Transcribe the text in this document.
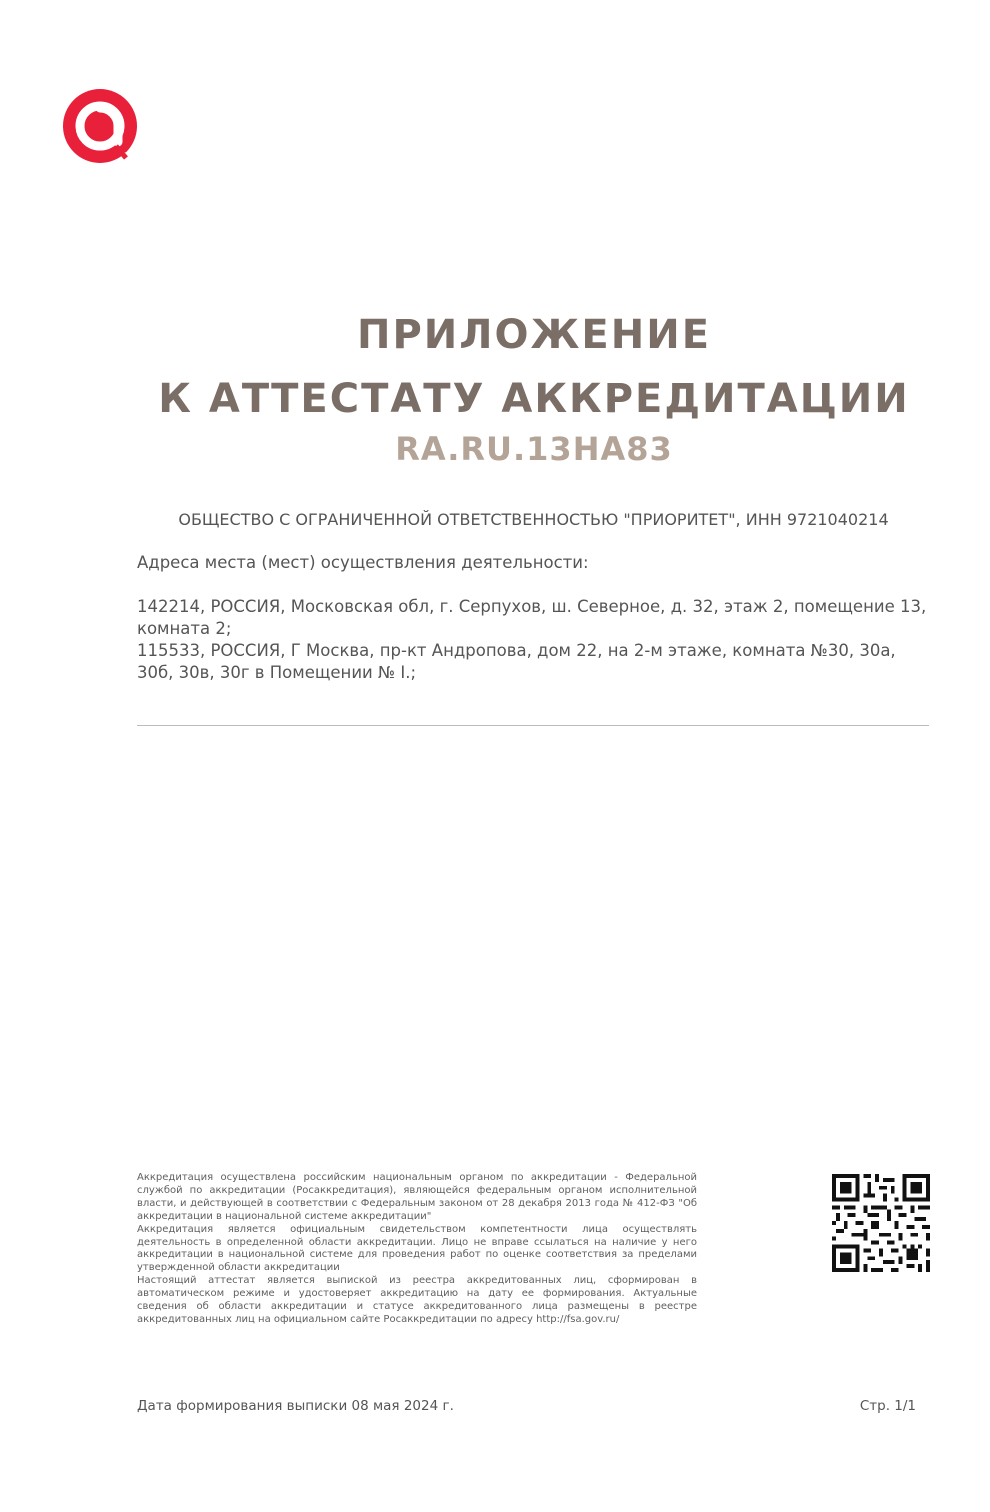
ПРИЛОЖЕНИЕ
К АТТЕСТАТУ АККРЕДИТАЦИИ
RA.RU.13НА83
ОБЩЕСТВО С ОГРАНИЧЕННОЙ ОТВЕТСТВЕННОСТЬЮ "ПРИОРИТЕТ", ИНН 9721040214
Адреса места (мест) осуществления деятельности:

142214, РОССИЯ, Московская обл, г. Серпухов, ш. Северное, д. 32, этаж 2, помещение 13, комната 2;

115533, РОССИЯ, Г Москва, пр-кт Андропова, дом 22, на 2-м этаже, комната №30, 30а, 30б, 30в, 30г в Помещении № I.;

Аккредитация осуществлена российским национальным органом по аккредитации - Федеральной службой по аккредитации (Росаккредитация), являющейся федеральным органом исполнительной власти, и действующей в соответствии с Федеральным законом от 28 декабря 2013 года № 412-ФЗ "Об аккредитации в национальной системе аккредитации"

Аккредитация является официальным свидетельством компетентности лица осуществлять деятельность в определенной области аккредитации. Лицо не вправе ссылаться на наличие у него аккредитации в национальной системе для проведения работ по оценке соответствия за пределами утвержденной области аккредитации

Настоящий аттестат является выпиской из реестра аккредитованных лиц, сформирован в автоматическом режиме и удостоверяет аккредитацию на дату ее формирования. Актуальные сведения об области аккредитации и статусе аккредитованного лица размещены в реестре аккредитованных лиц на официальном сайте Росаккредитации по адресу http://fsa.gov.ru/

Дата формирования выписки 08 мая 2024 г.	Стр. 1/1
